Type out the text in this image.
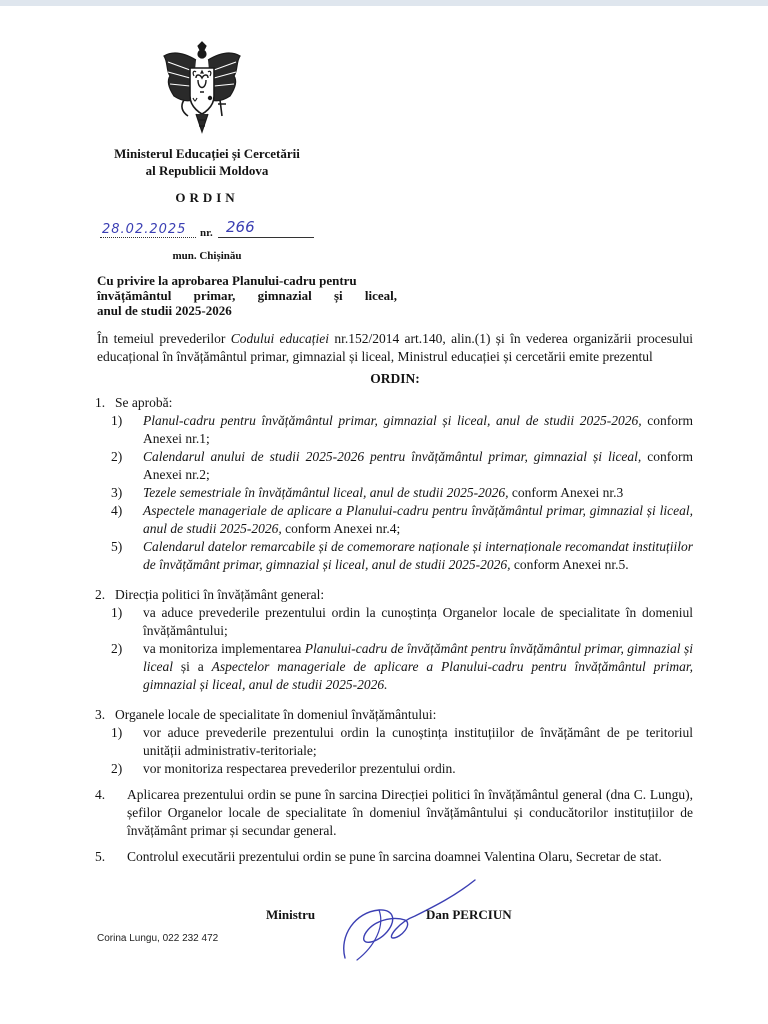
Ministerul Educației și Cercetării
al Republicii Moldova
ORDIN
28.02.2025 nr. 266
mun. Chișinău
Cu privire la aprobarea Planului-cadru pentru
învățământul primar, gimnazial și liceal,
anul de studii 2025-2026

În temeiul prevederilor Codului educației nr.152/2014 art.140, alin.(1) și în vederea organizării procesului educațional în învățământul primar, gimnazial și liceal, Ministrul educației și cercetării emite prezentul

ORDIN:
1. Se aprobă:
1) Planul-cadru pentru învățământul primar, gimnazial și liceal, anul de studii 2025-2026, conform Anexei nr.1;
2) Calendarul anului de studii 2025-2026 pentru învățământul primar, gimnazial și liceal, conform Anexei nr.2;
3) Tezele semestriale în învățământul liceal, anul de studii 2025-2026, conform Anexei nr.3
4) Aspectele manageriale de aplicare a Planului-cadru pentru învățământul primar, gimnazial și liceal, anul de studii 2025-2026, conform Anexei nr.4;
5) Calendarul datelor remarcabile și de comemorare naționale și internaționale recomandat instituțiilor de învățământ primar, gimnazial și liceal, anul de studii 2025-2026, conform Anexei nr.5.
2. Direcția politici în învățământ general:
1) va aduce prevederile prezentului ordin la cunoștința Organelor locale de specialitate în domeniul învățământului;
2) va monitoriza implementarea Planului-cadru de învățământ pentru învățământul primar, gimnazial și liceal și a Aspectelor manageriale de aplicare a Planului-cadru pentru învățământul primar, gimnazial și liceal, anul de studii 2025-2026.
3. Organele locale de specialitate în domeniul învățământului:
1) vor aduce prevederile prezentului ordin la cunoștința instituțiilor de învățământ de pe teritoriul unității administrativ-teritoriale;
2) vor monitoriza respectarea prevederilor prezentului ordin.
4. Aplicarea prezentului ordin se pune în sarcina Direcției politici în învățământul general (dna C. Lungu), șefilor Organelor locale de specialitate în domeniul învățământului și conducătorilor instituțiilor de învățământ primar și secundar general.
5. Controlul executării prezentului ordin se pune în sarcina doamnei Valentina Olaru, Secretar de stat.
Ministru	Dan PERCIUN
Corina Lungu, 022 232 472
